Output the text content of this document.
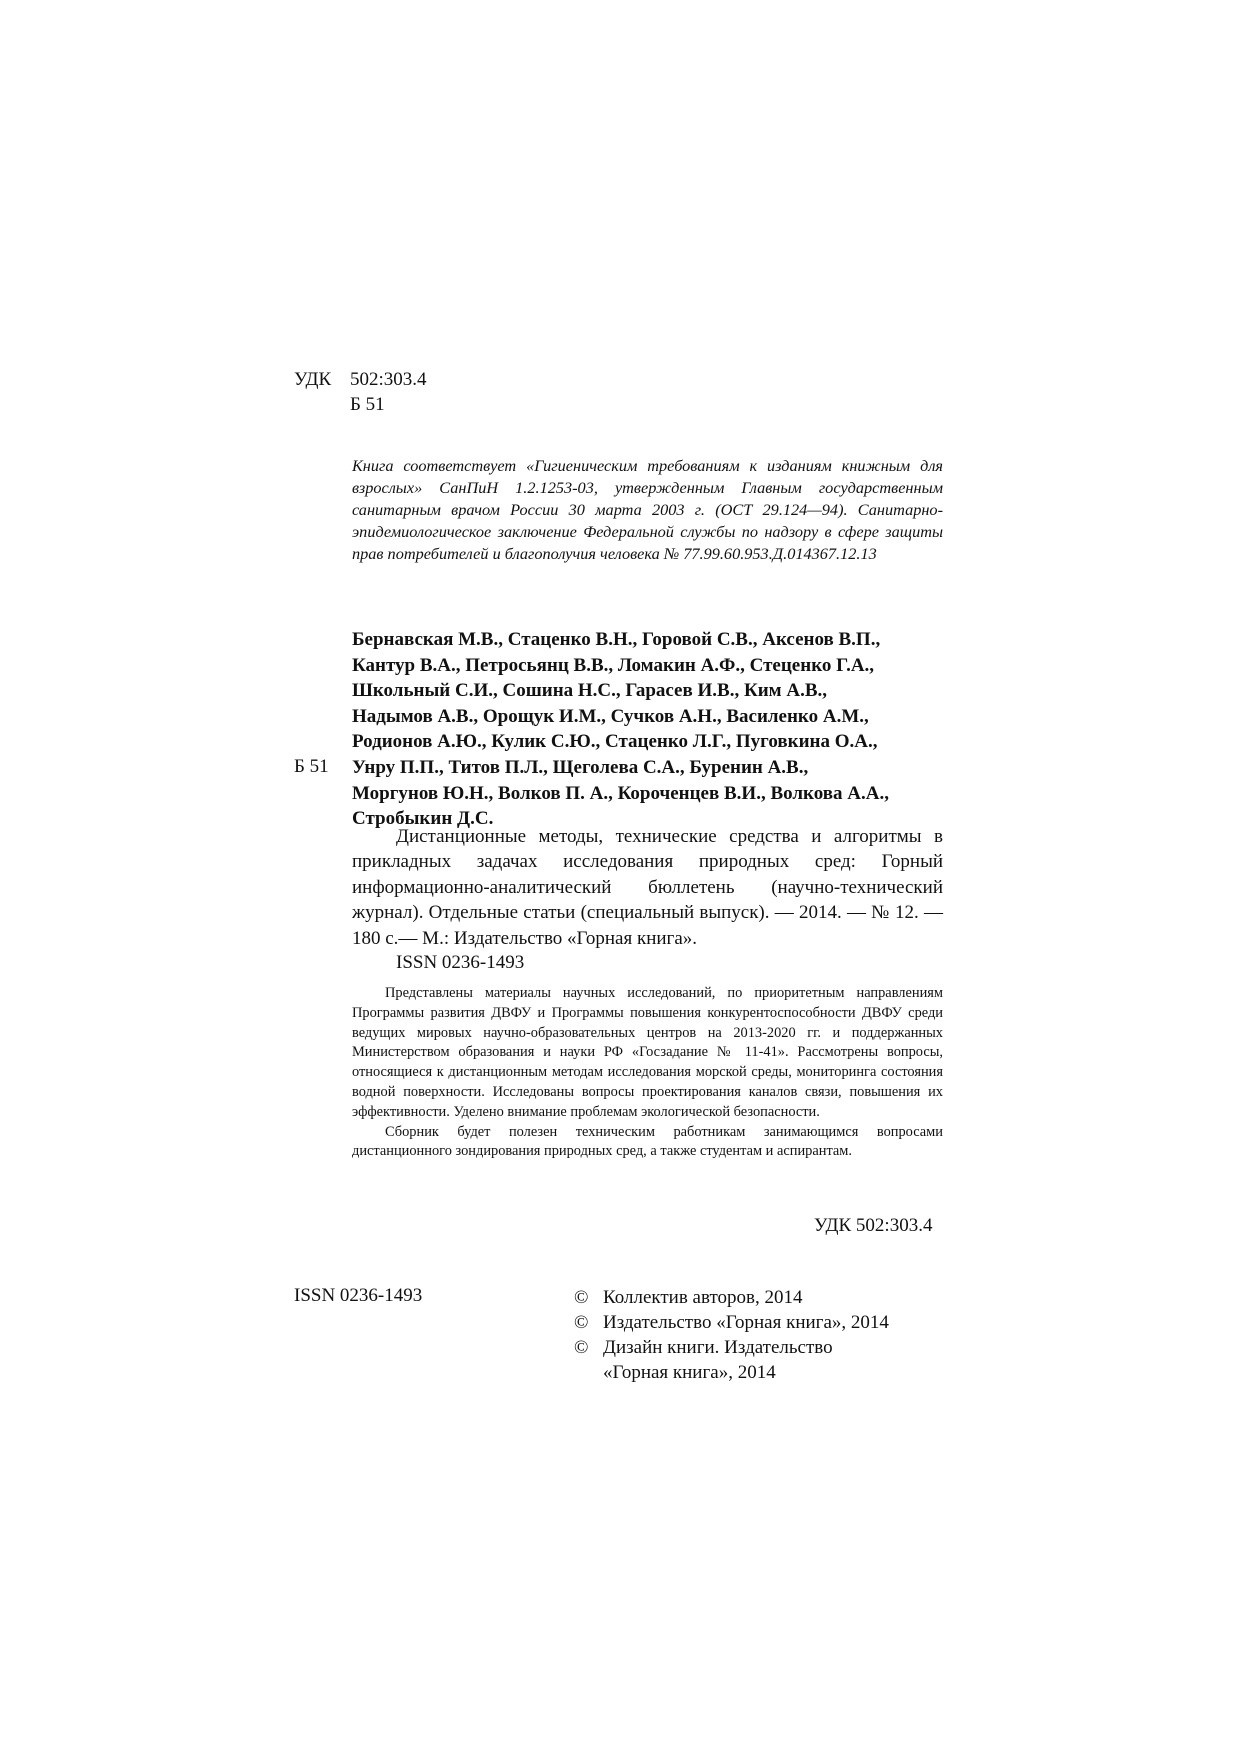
УДК 502:303.4
Б 51
Книга соответствует «Гигиеническим требованиям к изданиям книжным для взрослых» СанПиН 1.2.1253-03, утвержденным Главным государственным санитарным врачом России 30 марта 2003 г. (ОСТ 29.124—94). Санитарно-эпидемиологическое заключение Федеральной службы по надзору в сфере защиты прав потребителей и благополучия человека № 77.99.60.953.Д.014367.12.13
Б 51
Бернавская М.В., Стаценко В.Н., Горовой С.В., Аксенов В.П.,
Кантур В.А., Петросьянц В.В., Ломакин А.Ф., Стеценко Г.А.,
Школьный С.И., Сошина Н.С., Гарасев И.В., Ким А.В.,
Надымов А.В., Орощук И.М., Сучков А.Н., Василенко А.М.,
Родионов А.Ю., Кулик С.Ю., Стаценко Л.Г., Пуговкина О.А.,
Унру П.П., Титов П.Л., Щеголева С.А., Буренин А.В.,
Моргунов Ю.Н., Волков П. А., Короченцев В.И., Волкова А.А.,
Стробыкин Д.С.
Дистанционные методы, технические средства и алгоритмы в прикладных задачах исследования природных сред: Горный информационно-аналитический бюллетень (научно-технический журнал). Отдельные статьи (специальный выпуск). — 2014. — № 12. — 180 с.— М.: Издательство «Горная книга».
ISSN 0236-1493

Представлены материалы научных исследований, по приоритетным направлениям Программы развития ДВФУ и Программы повышения конкурентоспособности ДВФУ среди ведущих мировых научно-образовательных центров на 2013-2020 гг. и поддержанных Министерством образования и науки РФ «Госзадание № 11-41». Рассмотрены вопросы, относящиеся к дистанционным методам исследования морской среды, мониторинга состояния водной поверхности. Исследованы вопросы проектирования каналов связи, повышения их эффективности. Уделено внимание проблемам экологической безопасности.

Сборник будет полезен техническим работникам занимающимся вопросами дистанционного зондирования природных сред, а также студентам и аспирантам.

УДК 502:303.4
ISSN 0236-1493	© Коллектив авторов, 2014
© Издательство «Горная книга», 2014
© Дизайн книги. Издательство
«Горная книга», 2014
